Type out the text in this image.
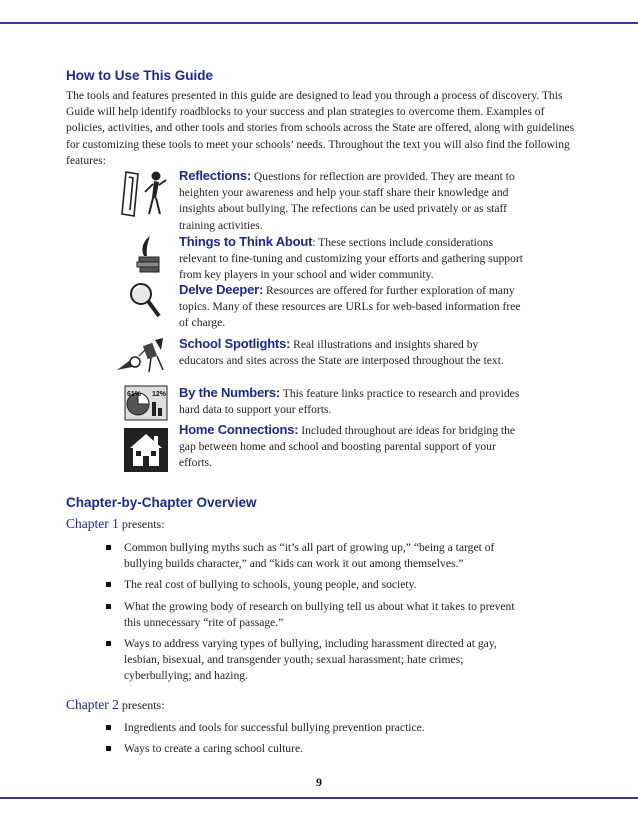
How to Use This Guide
The tools and features presented in this guide are designed to lead you through a process of discovery. This Guide will help identify roadblocks to your success and plan strategies to overcome them. Examples of policies, activities, and other tools and stories from schools across the State are offered, along with guidelines for customizing these tools to meet your schools’ needs. Throughout the text you will also find the following features:
Reflections: Questions for reflection are provided. They are meant to heighten your awareness and help your staff share their knowledge and insights about bullying. The refections can be used privately or as staff training activities.
Things to Think About: These sections include considerations relevant to fine-tuning and customizing your efforts and gathering support from key players in your school and wider community.
Delve Deeper: Resources are offered for further exploration of many topics. Many of these resources are URLs for web-based information free of charge.
School Spotlights: Real illustrations and insights shared by educators and sites across the State are interposed throughout the text.
61% 12% By the Numbers: This feature links practice to research and provides hard data to support your efforts.
Home Connections: Included throughout are ideas for bridging the gap between home and school and boosting parental support of your efforts.
Chapter-by-Chapter Overview
Chapter 1 presents:
Common bullying myths such as “it’s all part of growing up,” “being a target of bullying builds character,” and “kids can work it out among themselves.”
The real cost of bullying to schools, young people, and society.
What the growing body of research on bullying tell us about what it takes to prevent this unnecessary “rite of passage.”
Ways to address varying types of bullying, including harassment directed at gay, lesbian, bisexual, and transgender youth; sexual harassment; hate crimes; cyberbullying; and hazing.
Chapter 2 presents:
Ingredients and tools for successful bullying prevention practice.
Ways to create a caring school culture.
9
